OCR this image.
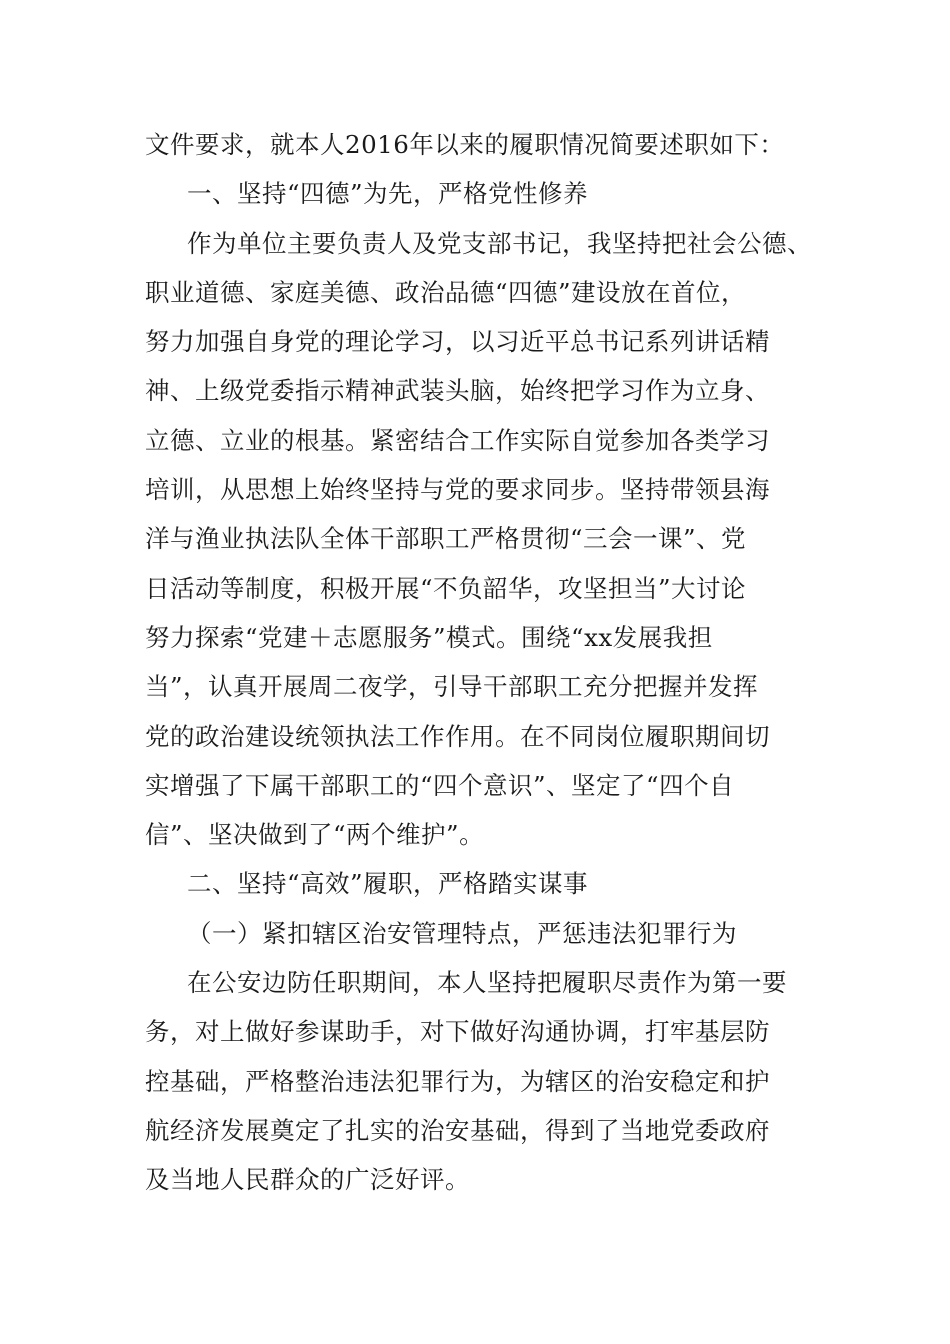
文件要求，就本人2016年以来的履职情况简要述职如下：
一、坚持“四德”为先，严格党性修养
作为单位主要负责人及党支部书记，我坚持把社会公德、
职业道德、家庭美德、政治品德“四德”建设放在首位，
努力加强自身党的理论学习，以习近平总书记系列讲话精
神、上级党委指示精神武装头脑，始终把学习作为立身、
立德、立业的根基。紧密结合工作实际自觉参加各类学习
培训，从思想上始终坚持与党的要求同步。坚持带领县海
洋与渔业执法队全体干部职工严格贯彻“三会一课”、党
日活动等制度，积极开展“不负韶华，攻坚担当”大讨论
努力探索“党建＋志愿服务”模式。围绕“xx发展我担
当”，认真开展周二夜学，引导干部职工充分把握并发挥
党的政治建设统领执法工作作用。在不同岗位履职期间切
实增强了下属干部职工的“四个意识”、坚定了“四个自
信”、坚决做到了“两个维护”。
二、坚持“高效”履职，严格踏实谋事
（一）紧扣辖区治安管理特点，严惩违法犯罪行为
在公安边防任职期间，本人坚持把履职尽责作为第一要
务，对上做好参谋助手，对下做好沟通协调，打牢基层防
控基础，严格整治违法犯罪行为，为辖区的治安稳定和护
航经济发展奠定了扎实的治安基础，得到了当地党委政府
及当地人民群众的广泛好评。
